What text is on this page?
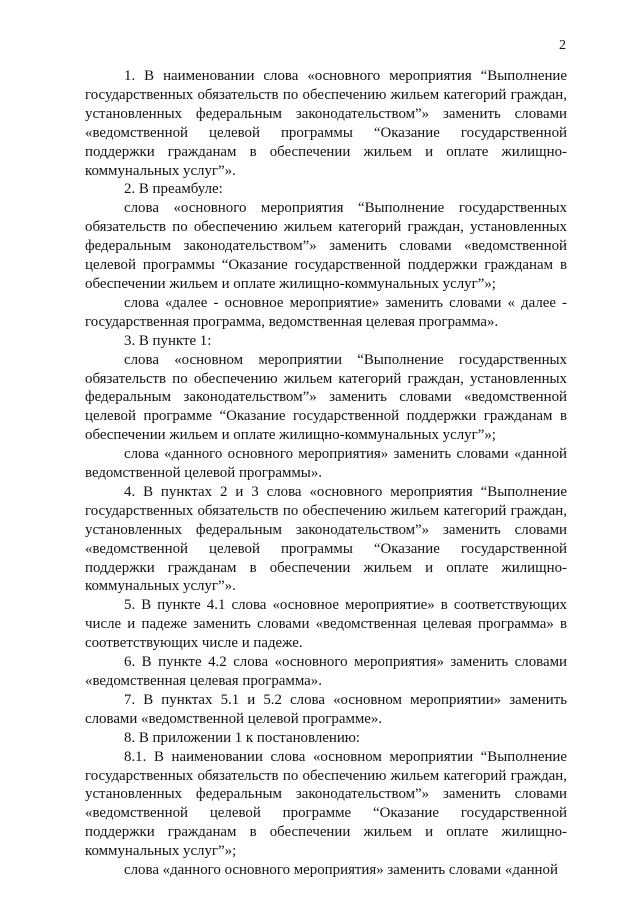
2

1. В наименовании слова «основного мероприятия “Выполнение государственных обязательств по обеспечению жильем категорий граждан, установленных федеральным законодательством”» заменить словами «ведомственной целевой программы “Оказание государственной поддержки гражданам в обеспечении жильем и оплате жилищно-коммунальных услуг”».

2. В преамбуле:

слова «основного мероприятия “Выполнение государственных обязательств по обеспечению жильем категорий граждан, установленных федеральным законодательством”» заменить словами «ведомственной целевой программы “Оказание государственной поддержки гражданам в обеспечении жильем и оплате жилищно-коммунальных услуг”»;

слова «далее - основное мероприятие» заменить словами « далее - государственная программа, ведомственная целевая программа».

3. В пункте 1:

слова «основном мероприятии “Выполнение государственных обязательств по обеспечению жильем категорий граждан, установленных федеральным законодательством”» заменить словами «ведомственной целевой программе “Оказание государственной поддержки гражданам в обеспечении жильем и оплате жилищно-коммунальных услуг”»;

слова «данного основного мероприятия» заменить словами «данной ведомственной целевой программы».

4. В пунктах 2 и 3 слова «основного мероприятия “Выполнение государственных обязательств по обеспечению жильем категорий граждан, установленных федеральным законодательством”» заменить словами «ведомственной целевой программы “Оказание государственной поддержки гражданам в обеспечении жильем и оплате жилищно-коммунальных услуг”».

5. В пункте 4.1 слова «основное мероприятие» в соответствующих числе и падеже заменить словами «ведомственная целевая программа» в соответствующих числе и падеже.

6. В пункте 4.2 слова «основного мероприятия» заменить словами «ведомственная целевая программа».

7. В пунктах 5.1 и 5.2 слова «основном мероприятии» заменить словами «ведомственной целевой программе».

8. В приложении 1 к постановлению:

8.1. В наименовании слова «основном мероприятии “Выполнение государственных обязательств по обеспечению жильем категорий граждан, установленных федеральным законодательством”» заменить словами «ведомственной целевой программе “Оказание государственной поддержки гражданам в обеспечении жильем и оплате жилищно-коммунальных услуг”»;

слова «данного основного мероприятия» заменить словами «данной
